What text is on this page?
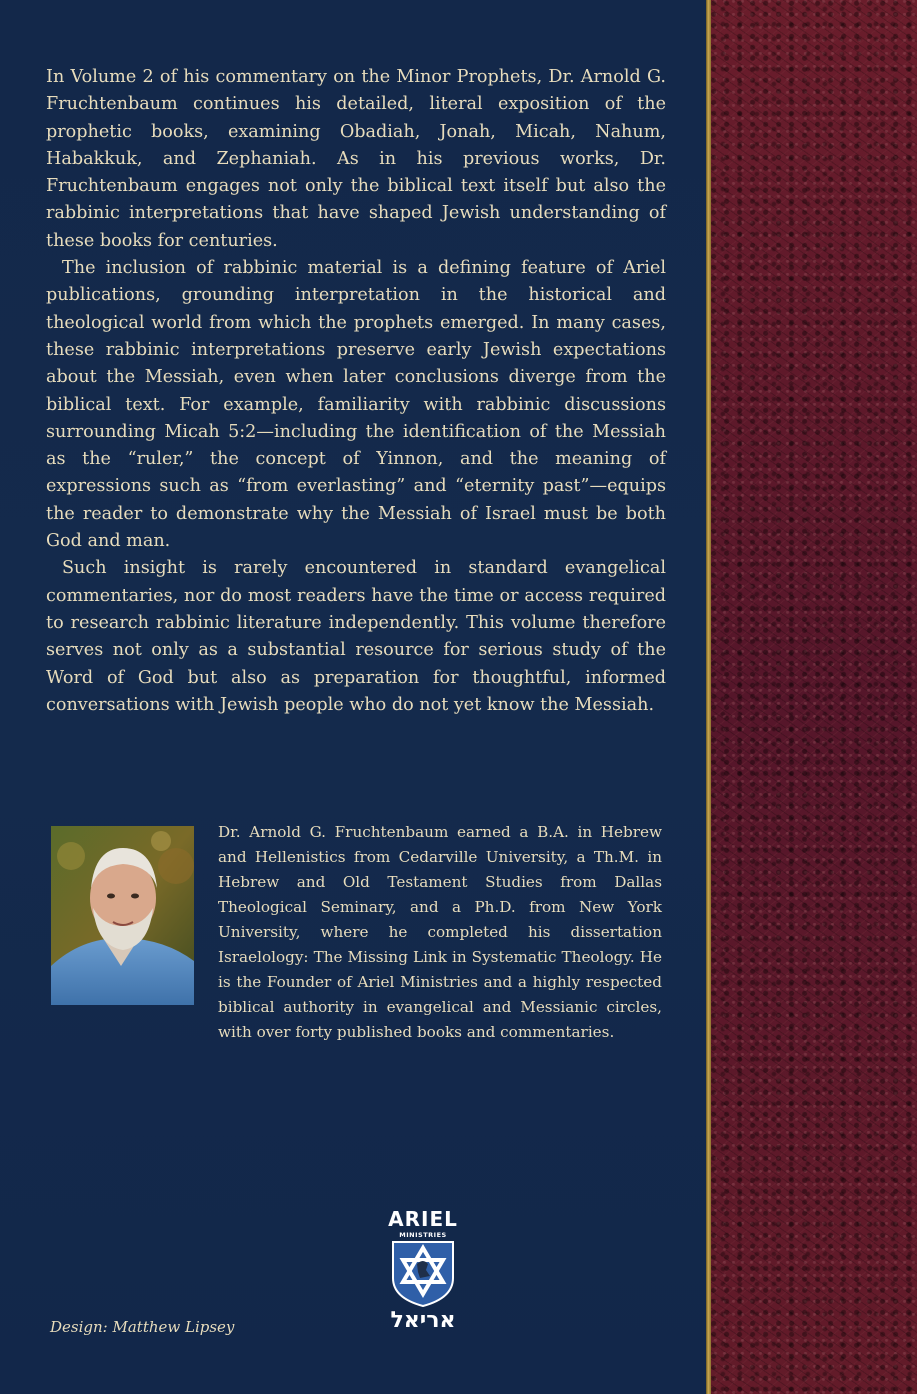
In Volume 2 of his commentary on the Minor Prophets, Dr. Arnold G. Fruchtenbaum continues his detailed, literal exposition of the prophetic books, examining Obadiah, Jonah, Micah, Nahum, Habakkuk, and Zephaniah. As in his previous works, Dr. Fruchtenbaum engages not only the biblical text itself but also the rabbinic interpretations that have shaped Jewish understanding of these books for centuries.

The inclusion of rabbinic material is a defining feature of Ariel publications, grounding interpretation in the historical and theological world from which the prophets emerged. In many cases, these rabbinic interpretations preserve early Jewish expectations about the Messiah, even when later conclusions diverge from the biblical text. For example, familiarity with rabbinic discussions surrounding Micah 5:2—including the identification of the Messiah as the “ruler,” the concept of Yinnon, and the meaning of expressions such as “from everlasting” and “eternity past”—equips the reader to demonstrate why the Messiah of Israel must be both God and man.

Such insight is rarely encountered in standard evangelical commentaries, nor do most readers have the time or access required to research rabbinic literature independently. This volume therefore serves not only as a substantial resource for serious study of the Word of God but also as preparation for thoughtful, informed conversations with Jewish people who do not yet know the Messiah.

Dr. Arnold G. Fruchtenbaum earned a B.A. in Hebrew and Hellenistics from Cedarville University, a Th.M. in Hebrew and Old Testament Studies from Dallas Theological Seminary, and a Ph.D. from New York University, where he completed his dissertation Israelology: The Missing Link in Systematic Theology. He is the Founder of Ariel Ministries and a highly respected biblical authority in evangelical and Messianic circles, with over forty published books and commentaries.
ARIEL
MINISTRIES
אריאל
Design: Matthew Lipsey
